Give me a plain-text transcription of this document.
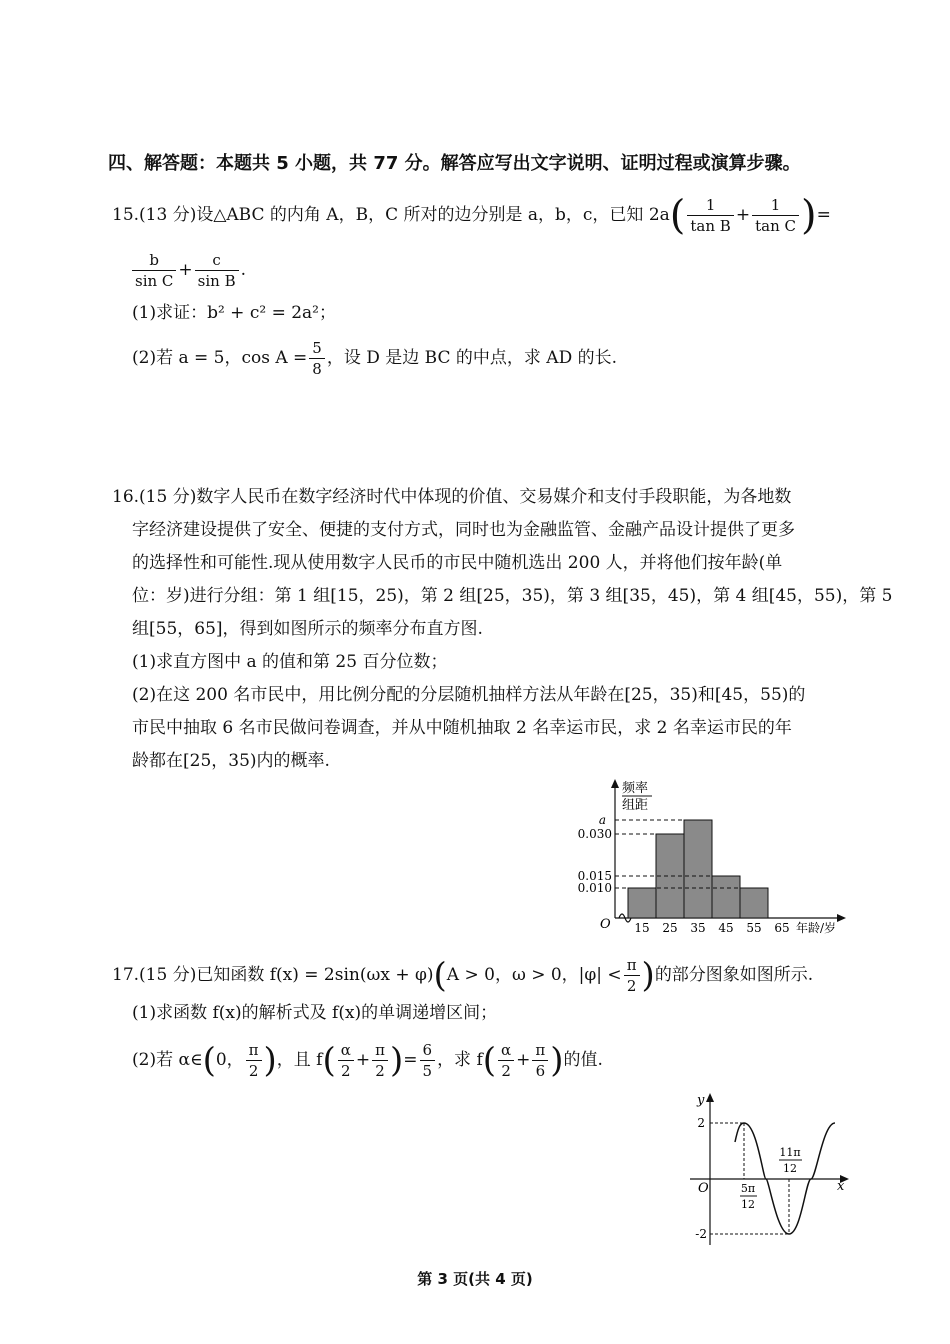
四、解答题：本题共 5 小题，共 77 分。解答应写出文字说明、证明过程或演算步骤。
15.(13 分)设△ABC 的内角 A，B，C 所对的边分别是 a，b，c，已知 $2a( \frac{1}{\text{tan B}} + \frac{1}{\text{tan C}}$ )=
$\frac{b}{\text{sin C}} + \frac{c}{\text{sin B}}$ .
(1)求证：b² + c² = 2a²；
(2)若 a = 5，$\cos A = \frac{5}{8}$ ，设 D 是边 BC 的中点，求 AD 的长.
16.(15 分)数字人民币在数字经济时代中体现的价值、交易媒介和支付手段职能，为各地数
字经济建设提供了安全、便捷的支付方式，同时也为金融监管、金融产品设计提供了更多
的选择性和可能性.现从使用数字人民币的市民中随机选出 200 人，并将他们按年龄(单
位：岁)进行分组：第 1 组[15，25)，第 2 组[25，35)，第 3 组[35，45)，第 4 组[45，55)，第 5
组[55，65]，得到如图所示的频率分布直方图.
(1)求直方图中 a 的值和第 25 百分位数；
(2)在这 200 名市民中，用比例分配的分层随机抽样方法从年龄在[25，35)和[45，55)的
市民中抽取 6 名市民做问卷调查，并从中随机抽取 2 名幸运市民，求 2 名幸运市民的年
龄都在[25，35)内的概率.
频率
组距
O
a
0.030
0.015
0.010
15 25 35 45 55 65 年龄/岁
17.(15 分)已知函数 f(x) = 2sin(ωx + φ)(A > 0，ω > 0，$|\varphi| < \frac{\pi}{2}$ )的部分图象如图所示.
(1)求函数 f(x)的解析式及 f(x)的单调递增区间；
(2)若 α∈(0， $\frac{\pi}{2}$ )，且 $f( \frac{\alpha}{2} + \frac{\pi}{2}$ )= $\frac{6}{5}$ ，求 $f( \frac{\alpha}{2} + \frac{\pi}{6}$ )的值.
y
x
O
2
-2
5π
12
11π
12
第 3 页(共 4 页)
